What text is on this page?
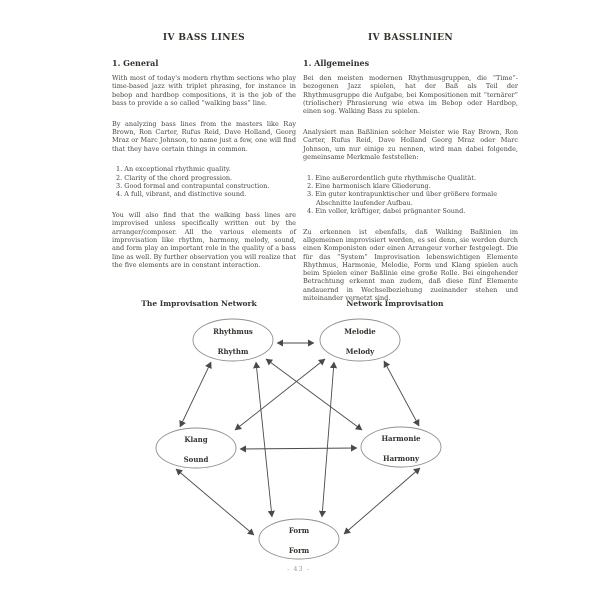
IV BASS LINES
1. General

With most of today's modern rhythm sections who play time-based jazz with triplet phrasing, for instance in bebop and hardbop compositions, it is the job of the bass to provide a so called “walking bass” line.

By analyzing bass lines from the masters like Ray Brown, Ron Carter, Rufus Reid, Dave Holland, Georg Mraz or Marc Johnson, to name just a few, one will find that they have certain things in common.

1. An exceptional rhythmic quality.
2. Clarity of the chord progression.
3. Good formal and contrapuntal construction.
4. A full, vibrant, and distinctive sound.

You will also find that the walking bass lines are improvised unless specifically written out by the arranger/composer. All the various elements of improvisation like rhythm, harmony, melody, sound, and form play an important role in the quality of a bass line as well. By further observation you will realize that the five elements are in constant interaction.

IV BASSLINIEN
1. Allgemeines

Bei den meisten modernen Rhythmusgruppen, die “Time”-bezogenen Jazz spielen, hat der Baß als Teil der Rhythmusgruppe die Aufgabe, bei Kompositionen mit “ternärer” (triolischer) Phrasierung wie etwa im Bebop oder Hardbop, einen sog. Walking Bass zu spielen.

Analysiert man Baßlinien solcher Meister wie Ray Brown, Ron Carter, Rufus Reid, Dave Holland Georg Mraz oder Marc Johnson, um nur einige zu nennen, wird man dabei folgende, gemeinsame Merkmale feststellen:

1. Eine außerordentlich gute rhythmische Qualität.
2. Eine harmonisch klare Gliederung.
3. Ein guter kontrapunktischer und über größere formale Abschnitte laufender Aufbau.
4. Ein voller, kräftiger, dabei prägnanter Sound.

Zu erkennen ist ebenfalls, daß Walking Baßlinien im allgemeinen improvisiert werden, es sei denn, sie werden durch einen Komponisten oder einen Arrangeur vorher festgelegt. Die für das “System” Improvisation lebenswichtigen Elemente Rhythmus, Harmonie, Melodie, Form und Klang spielen auch beim Spielen einer Baßlinie eine große Rolle. Bei eingehender Betrachtung erkennt man zudem, daß diese fünf Elemente andauernd in Wechselbeziehung zueinander stehen und miteinander vernetzt sind.

The Improvisation Network	Network Improvisation
Rhythmus
Rhythm
Melodie
Melody
Klang
Sound
Harmonie
Harmony
Form
Form
- 43 -
